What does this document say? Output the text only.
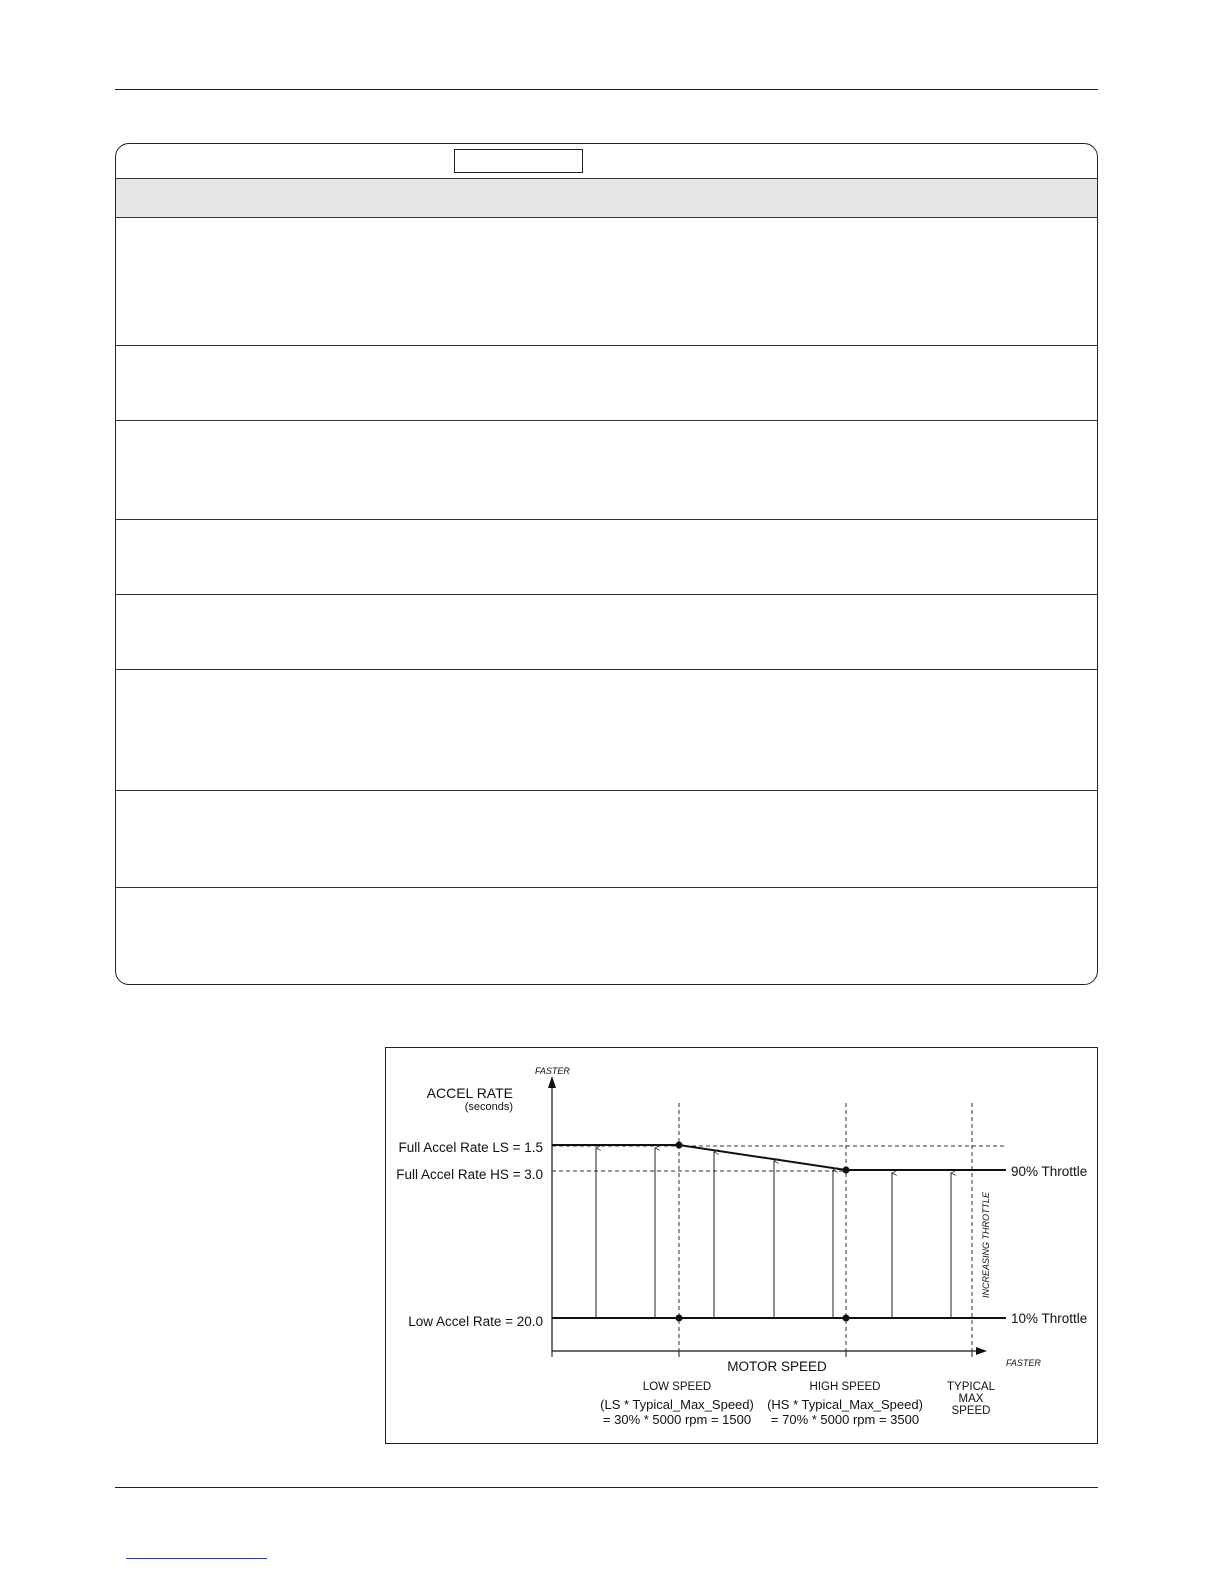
FASTER
ACCEL RATE
(seconds)
Full Accel Rate LS = 1.5
Full Accel Rate HS = 3.0
Low Accel Rate = 20.0
90% Throttle
10% Throttle
INCREASING THROTTLE
MOTOR SPEED	FASTER
LOW SPEED
(LS * Typical_Max_Speed)
= 30% * 5000 rpm = 1500
HIGH SPEED
(HS * Typical_Max_Speed)
= 70% * 5000 rpm = 3500
TYPICAL
MAX
SPEED
